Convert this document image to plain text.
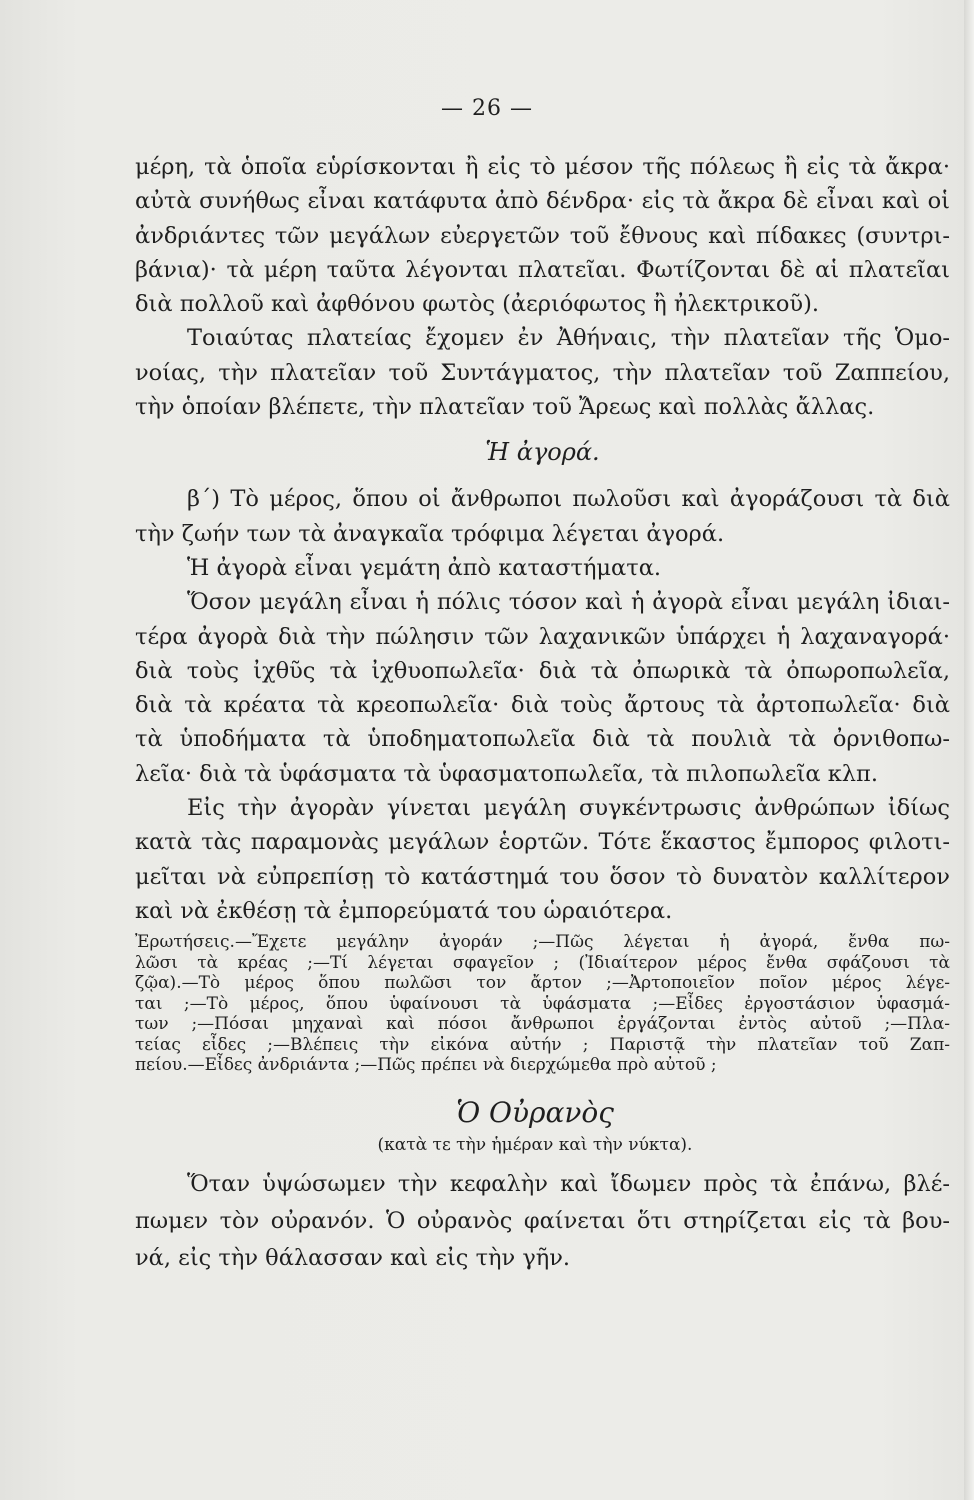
— 26 —
μέρη, τὰ ὁποῖα εὑρίσκονται ἢ εἰς τὸ μέσον τῆς πόλεως ἢ εἰς τὰ ἄκρα·
αὐτὰ συνήθως εἶναι κατάφυτα ἀπὸ δένδρα· εἰς τὰ ἄκρα δὲ εἶναι καὶ οἱ
ἀνδριάντες τῶν μεγάλων εὐεργετῶν τοῦ ἔθνους καὶ πίδακες (συντρι-
βάνια)· τὰ μέρη ταῦτα λέγονται πλατεῖαι. Φωτίζονται δὲ αἱ πλατεῖαι
διὰ πολλοῦ καὶ ἀφθόνου φωτὸς (ἀεριόφωτος ἢ ἠλεκτρικοῦ).
Τοιαύτας πλατείας ἔχομεν ἐν Ἀθήναις, τὴν πλατεῖαν τῆς Ὁμο-
νοίας, τὴν πλατεῖαν τοῦ Συντάγματος, τὴν πλατεῖαν τοῦ Ζαππείου,
τὴν ὁποίαν βλέπετε, τὴν πλατεῖαν τοῦ Ἄρεως καὶ πολλὰς ἄλλας.
Ἡ ἀγορά.
β΄) Τὸ μέρος, ὅπου οἱ ἄνθρωποι πωλοῦσι καὶ ἀγοράζουσι τὰ διὰ
τὴν ζωήν των τὰ ἀναγκαῖα τρόφιμα λέγεται ἀγορά.
Ἡ ἀγορὰ εἶναι γεμάτη ἀπὸ καταστήματα.
Ὅσον μεγάλη εἶναι ἡ πόλις τόσον καὶ ἡ ἀγορὰ εἶναι μεγάλη ἰδιαι-
τέρα ἀγορὰ διὰ τὴν πώλησιν τῶν λαχανικῶν ὑπάρχει ἡ λαχαναγορά·
διὰ τοὺς ἰχθῦς τὰ ἰχθυοπωλεῖα· διὰ τὰ ὀπωρικὰ τὰ ὀπωροπωλεῖα,
διὰ τὰ κρέατα τὰ κρεοπωλεῖα· διὰ τοὺς ἄρτους τὰ ἀρτοπωλεῖα· διὰ
τὰ ὑποδήματα τὰ ὑποδηματοπωλεῖα διὰ τὰ πουλιὰ τὰ ὀρνιθοπω-
λεῖα· διὰ τὰ ὑφάσματα τὰ ὑφασματοπωλεῖα, τὰ πιλοπωλεῖα κλπ.
Εἰς τὴν ἀγορὰν γίνεται μεγάλη συγκέντρωσις ἀνθρώπων ἰδίως
κατὰ τὰς παραμονὰς μεγάλων ἑορτῶν. Τότε ἕκαστος ἔμπορος φιλοτι-
μεῖται νὰ εὐπρεπίσῃ τὸ κατάστημά του ὅσον τὸ δυνατὸν καλλίτερον
καὶ νὰ ἐκθέσῃ τὰ ἐμπορεύματά του ὡραιότερα.
Ἐρωτήσεις.—Ἔχετε μεγάλην ἀγοράν ;—Πῶς λέγεται ἡ ἀγορά, ἔνθα πω-
λῶσι τὰ κρέας ;—Τί λέγεται σφαγεῖον ; (Ἰδιαίτερον μέρος ἔνθα σφάζουσι τὰ
ζῷα).—Τὸ μέρος ὅπου πωλῶσι τον ἄρτον ;—Ἀρτοποιεῖον ποῖον μέρος λέγε-
ται ;—Τὸ μέρος, ὅπου ὑφαίνουσι τὰ ὑφάσματα ;—Εἶδες ἐργοστάσιον ὑφασμά-
των ;—Πόσαι μηχαναὶ καὶ πόσοι ἄνθρωποι ἐργάζονται ἐντὸς αὐτοῦ ;—Πλα-
τείας εἶδες ;—Βλέπεις τὴν εἰκόνα αὐτήν ; Παριστᾷ τὴν πλατεῖαν τοῦ Ζαπ-
πείου.—Εἶδες ἀνδριάντα ;—Πῶς πρέπει νὰ διερχώμεθα πρὸ αὐτοῦ ;
Ὁ Οὐρανὸς
(κατὰ τε τὴν ἡμέραν καὶ τὴν νύκτα).
Ὅταν ὑψώσωμεν τὴν κεφαλὴν καὶ ἴδωμεν πρὸς τὰ ἐπάνω, βλέ-
πωμεν τὸν οὐρανόν. Ὁ οὐρανὸς φαίνεται ὅτι στηρίζεται εἰς τὰ βου-
νά, εἰς τὴν θάλασσαν καὶ εἰς τὴν γῆν.
